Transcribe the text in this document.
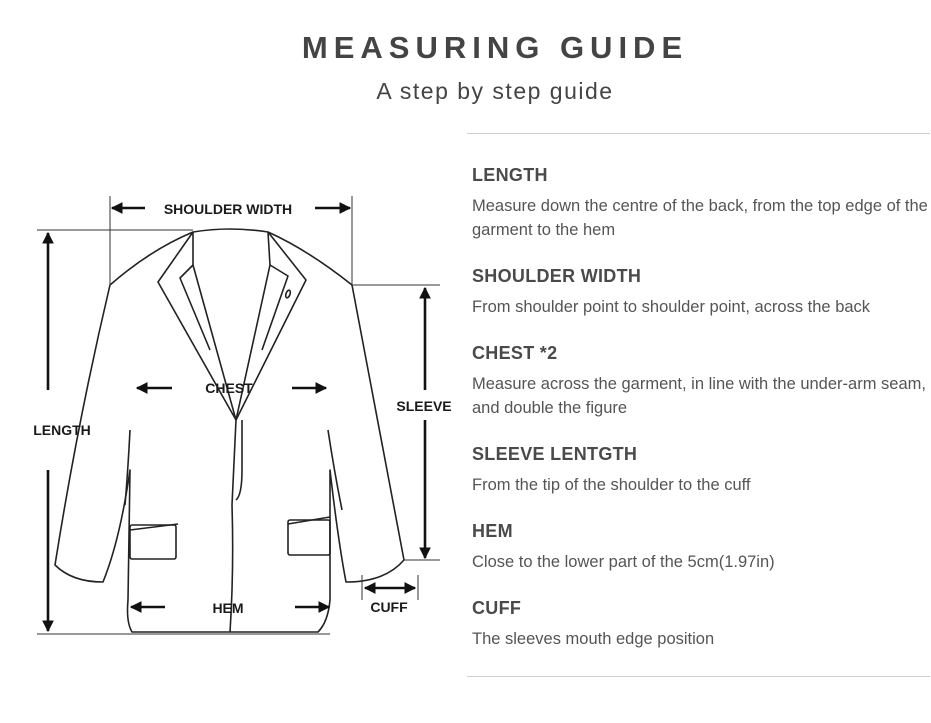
MEASURING GUIDE
A step by step guide
SHOULDER WIDTH
CHEST
LENGTH
SLEEVE
HEM	CUFF
LENGTH

Measure down the centre of the back, from the top edge of the garment to the hem

SHOULDER WIDTH

From shoulder point to shoulder point, across the back

CHEST *2

Measure across the garment, in line with the under-arm seam, and double the figure

SLEEVE LENTGTH

From the tip of the shoulder to the cuff

HEM

Close to the lower part of the 5cm(1.97in)

CUFF

The sleeves mouth edge position
